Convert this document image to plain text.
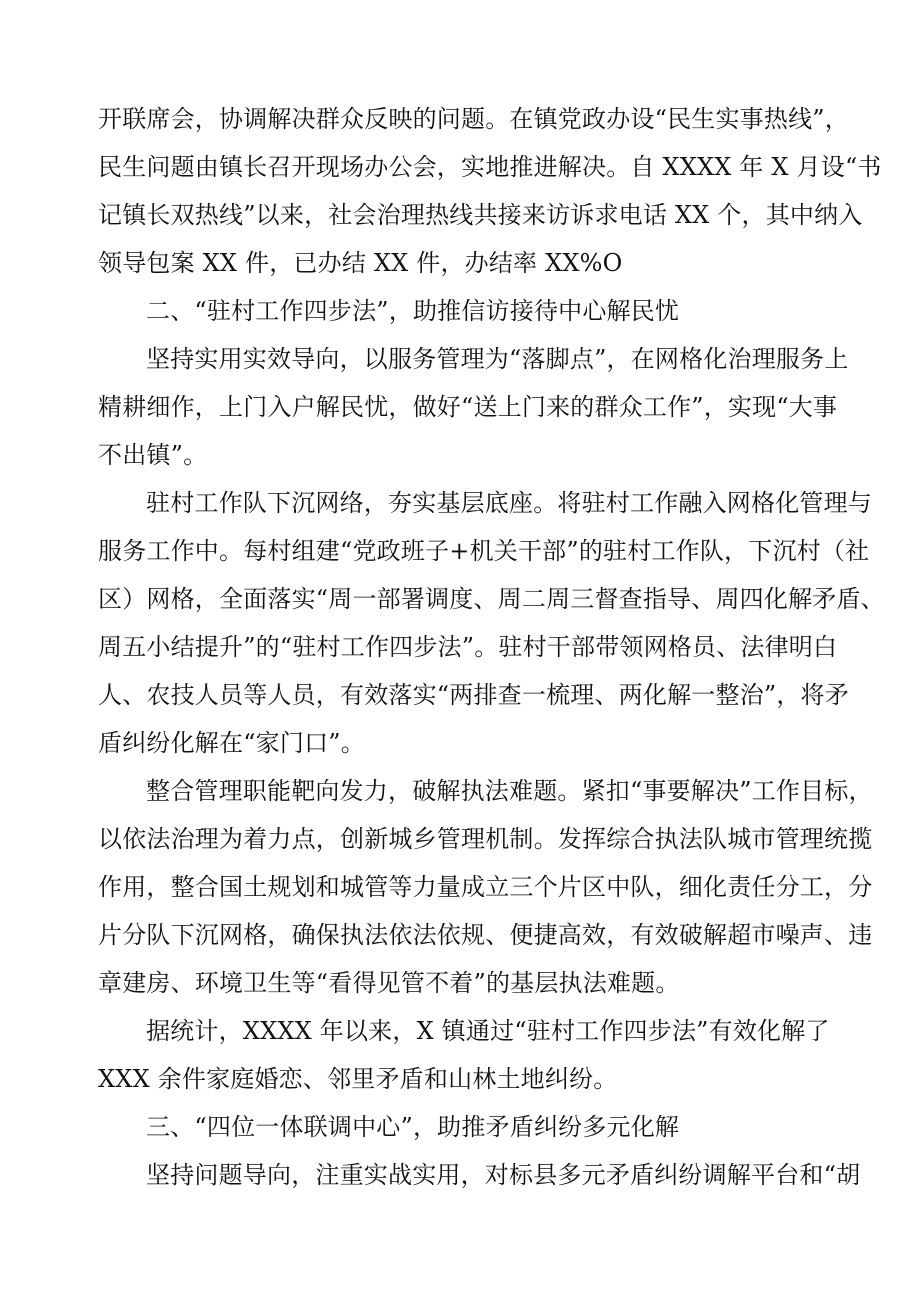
开联席会，协调解决群众反映的问题。在镇党政办设“民生实事热线”，
民生问题由镇长召开现场办公会，实地推进解决。自 XXXX 年 X 月设“书
记镇长双热线”以来，社会治理热线共接来访诉求电话 XX 个，其中纳入
领导包案 XX 件，已办结 XX 件，办结率 XX%O
二、“驻村工作四步法”，助推信访接待中心解民忧
坚持实用实效导向，以服务管理为“落脚点”，在网格化治理服务上
精耕细作，上门入户解民忧，做好“送上门来的群众工作”，实现“大事
不出镇”。
驻村工作队下沉网络，夯实基层底座。将驻村工作融入网格化管理与
服务工作中。每村组建“党政班子+机关干部”的驻村工作队，下沉村（社
区）网格，全面落实“周一部署调度、周二周三督查指导、周四化解矛盾、
周五小结提升”的“驻村工作四步法”。驻村干部带领网格员、法律明白
人、农技人员等人员，有效落实“两排查一梳理、两化解一整治”，将矛
盾纠纷化解在“家门口”。
整合管理职能靶向发力，破解执法难题。紧扣“事要解决”工作目标，
以依法治理为着力点，创新城乡管理机制。发挥综合执法队城市管理统揽
作用，整合国土规划和城管等力量成立三个片区中队，细化责任分工，分
片分队下沉网格，确保执法依法依规、便捷高效，有效破解超市噪声、违
章建房、环境卫生等“看得见管不着”的基层执法难题。
据统计，XXXX 年以来，X 镇通过“驻村工作四步法”有效化解了
XXX 余件家庭婚恋、邻里矛盾和山林土地纠纷。
三、“四位一体联调中心”，助推矛盾纠纷多元化解
坚持问题导向，注重实战实用，对标县多元矛盾纠纷调解平台和“胡
